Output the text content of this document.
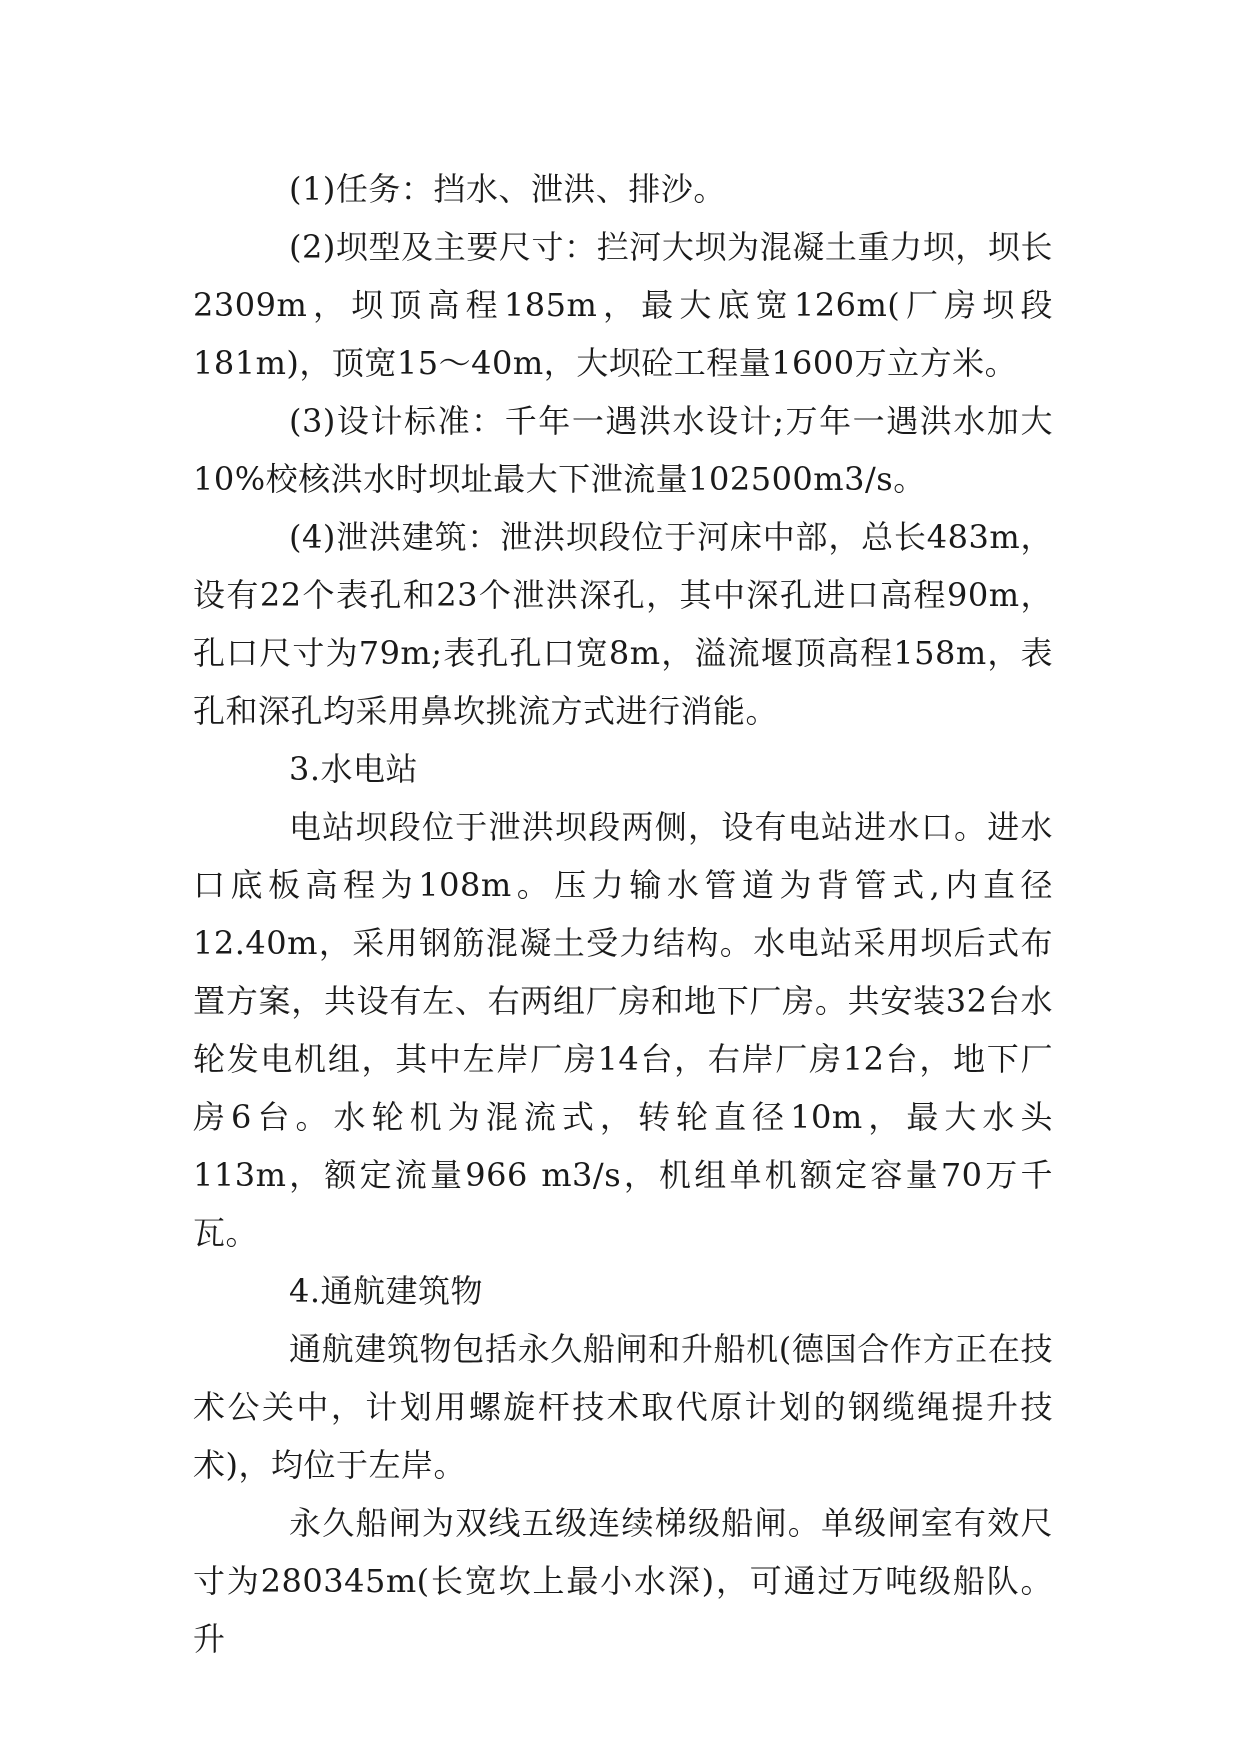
(1)任务：挡水、泄洪、排沙。

(2)坝型及主要尺寸：拦河大坝为混凝土重力坝，坝长2309m，坝顶高程185m，最大底宽126m(厂房坝段181m)，顶宽15～40m，大坝砼工程量1600万立方米。

(3)设计标准：千年一遇洪水设计;万年一遇洪水加大10%校核洪水时坝址最大下泄流量102500m3/s。

(4)泄洪建筑：泄洪坝段位于河床中部，总长483m，设有22个表孔和23个泄洪深孔，其中深孔进口高程90m，孔口尺寸为79m;表孔孔口宽8m，溢流堰顶高程158m，表孔和深孔均采用鼻坎挑流方式进行消能。

3.水电站

电站坝段位于泄洪坝段两侧，设有电站进水口。进水口底板高程为108m。压力输水管道为背管式,内直径12.40m，采用钢筋混凝土受力结构。水电站采用坝后式布置方案，共设有左、右两组厂房和地下厂房。共安装32台水轮发电机组，其中左岸厂房14台，右岸厂房12台，地下厂房6台。水轮机为混流式，转轮直径10m，最大水头113m，额定流量966 m3/s，机组单机额定容量70万千瓦。

4.通航建筑物

通航建筑物包括永久船闸和升船机(德国合作方正在技术公关中，计划用螺旋杆技术取代原计划的钢缆绳提升技术)，均位于左岸。

永久船闸为双线五级连续梯级船闸。单级闸室有效尺寸为280345m(长宽坎上最小水深)，可通过万吨级船队。升
